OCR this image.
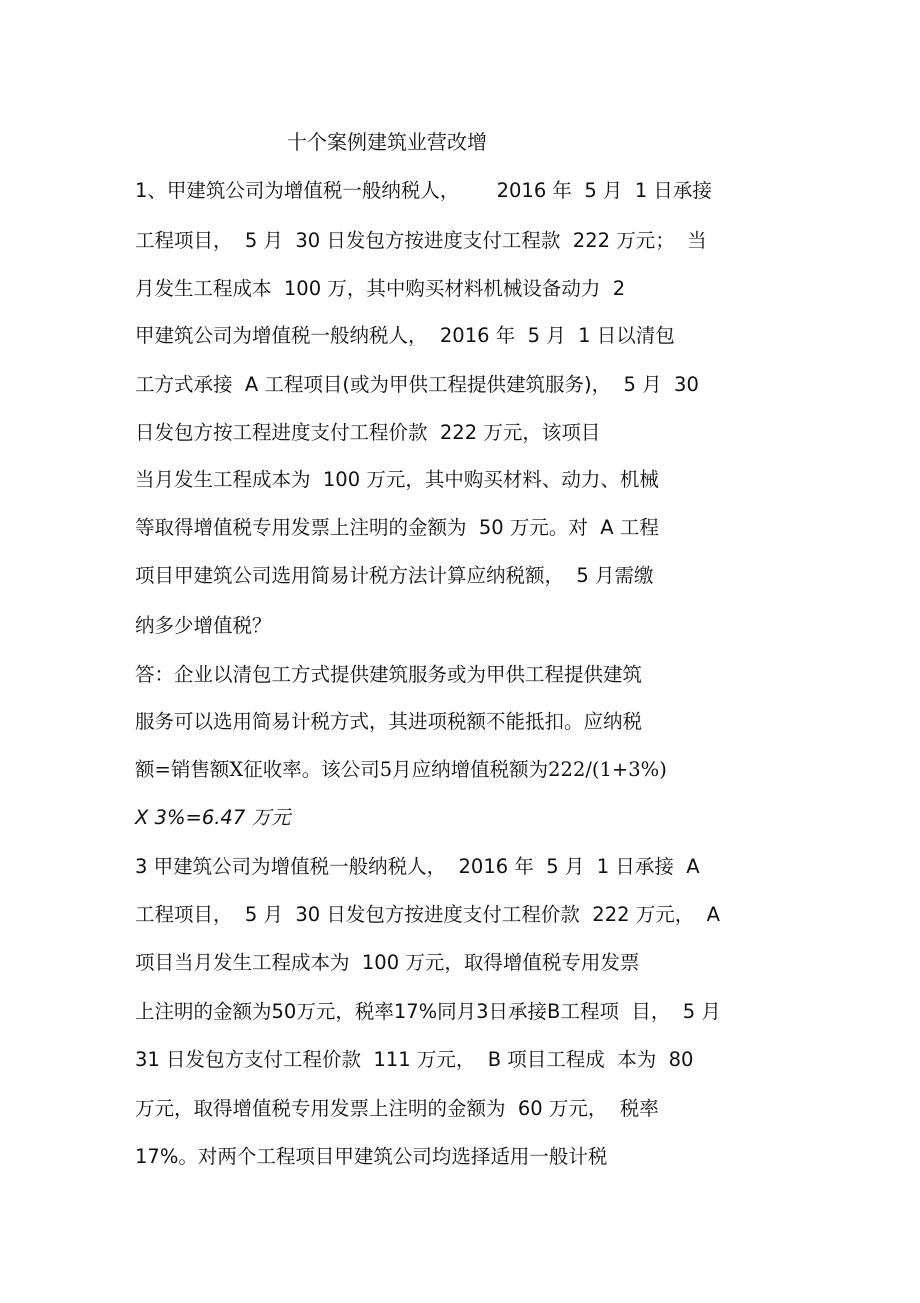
十个案例建筑业营改增
1、甲建筑公司为增值税一般纳税人，      2016 年  5 月  1 日承接
工程项目，  5 月  30 日发包方按进度支付工程款  222 万元；  当
月发生工程成本  100 万，其中购买材料机械设备动力  2
甲建筑公司为增值税一般纳税人，  2016 年  5 月  1 日以清包
工方式承接  A 工程项目(或为甲供工程提供建筑服务)，  5 月  30
日发包方按工程进度支付工程价款  222 万元，该项目
当月发生工程成本为  100 万元，其中购买材料、动力、机械
等取得增值税专用发票上注明的金额为  50 万元。对  A 工程
项目甲建筑公司选用简易计税方法计算应纳税额，  5 月需缴
纳多少增值税？
答：企业以清包工方式提供建筑服务或为甲供工程提供建筑
服务可以选用简易计税方式，其进项税额不能抵扣。应纳税
额=销售额X征收率。该公司5月应纳增值税额为222/(1+3%)
X 3%=6.47 万元
3 甲建筑公司为增值税一般纳税人，  2016 年  5 月  1 日承接  A
工程项目，  5 月  30 日发包方按进度支付工程价款  222 万元，  A
项目当月发生工程成本为  100 万元，取得增值税专用发票
上注明的金额为50万元，税率17%同月3日承接B工程项  目，  5 月
31 日发包方支付工程价款  111 万元，  B 项目工程成  本为  80
万元，取得增值税专用发票上注明的金额为  60 万元，  税率
17%。对两个工程项目甲建筑公司均选择适用一般计税
